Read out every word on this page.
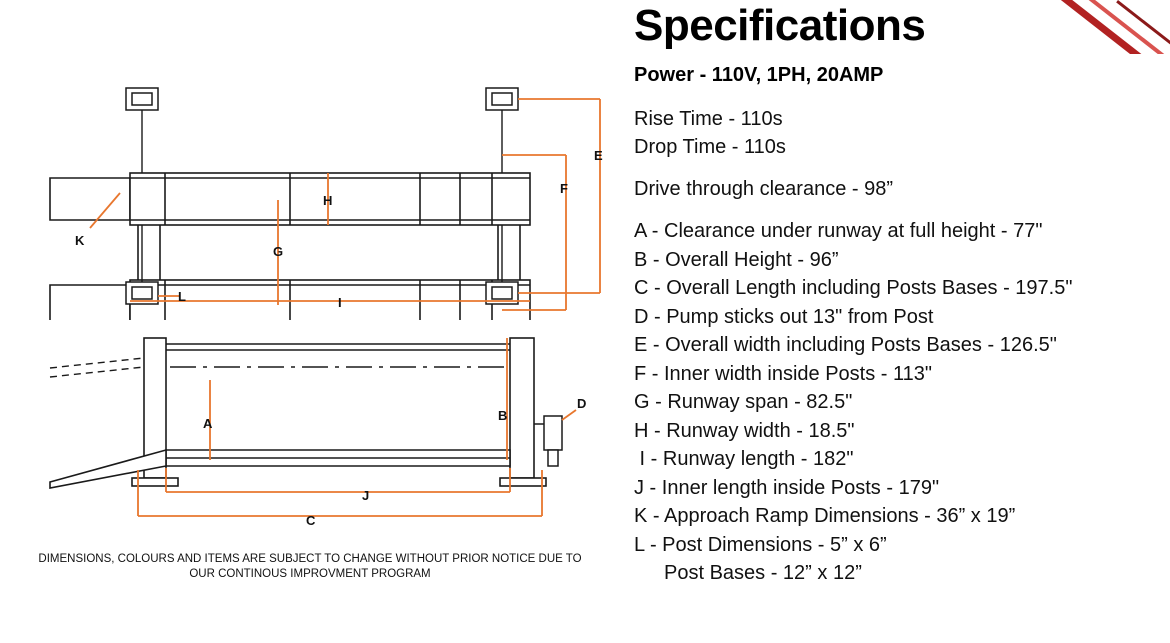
H
K
G
I
L
E
F
A
B
D
J
C
DIMENSIONS, COLOURS AND ITEMS ARE SUBJECT TO CHANGE WITHOUT PRIOR NOTICE DUE TO OUR CONTINOUS IMPROVMENT PROGRAM
Specifications
Power - 110V, 1PH, 20AMP
Rise Time - 110s
Drop Time - 110s
Drive through clearance - 98”
A - Clearance under runway at full height - 77"
B - Overall Height - 96”
C - Overall Length including Posts Bases - 197.5"
D - Pump sticks out 13" from Post
E - Overall width including Posts Bases - 126.5"
F - Inner width inside Posts - 113"
G - Runway span - 82.5"
H - Runway width - 18.5"
I - Runway length - 182"
J - Inner length inside Posts - 179"
K - Approach Ramp Dimensions - 36” x 19”
L - Post Dimensions - 5” x 6”
Post Bases - 12” x 12”
